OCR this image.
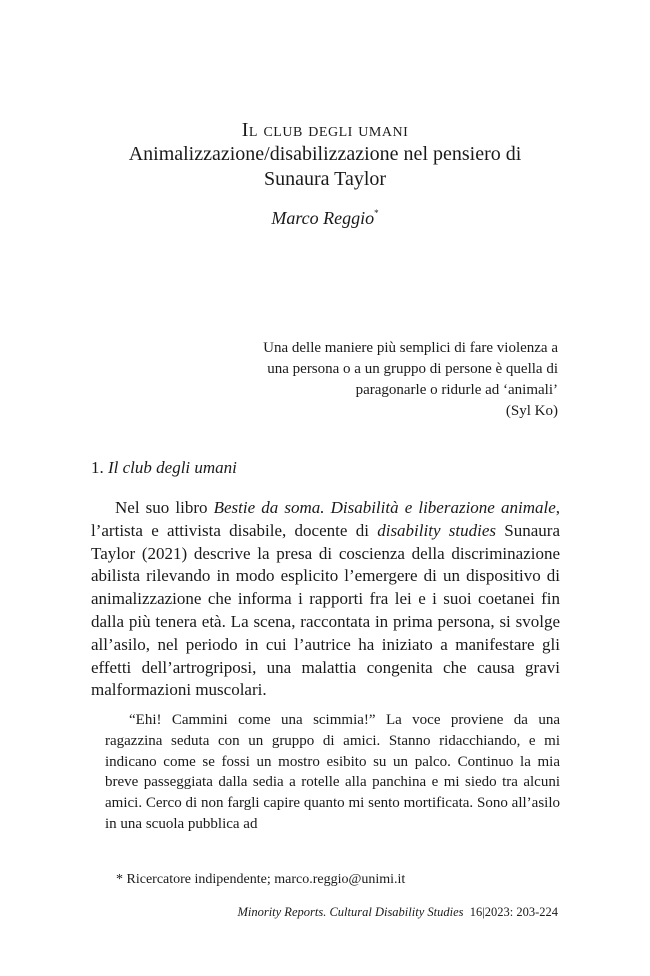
Il club degli umani
Animalizzazione/disabilizzazione nel pensiero di
Sunaura Taylor
Marco Reggio*
Una delle maniere più semplici di fare violenza a
una persona o a un gruppo di persone è quella di
paragonarle o ridurle ad ‘animali’
(Syl Ko)
1. Il club degli umani

Nel suo libro Bestie da soma. Disabilità e liberazione animale, l’artista e attivista disabile, docente di disability studies Sunaura Taylor (2021) descrive la presa di coscienza della discriminazione abilista rilevando in modo esplicito l’emergere di un dispositivo di animalizzazione che informa i rapporti fra lei e i suoi coetanei fin dalla più tenera età. La scena, raccontata in prima persona, si svolge all’asilo, nel periodo in cui l’autrice ha iniziato a manifestare gli effetti dell’artrogriposi, una malattia congenita che causa gravi malformazioni muscolari.

“Ehi! Cammini come una scimmia!” La voce proviene da una ragazzina seduta con un gruppo di amici. Stanno ridacchiando, e mi indicano come se fossi un mostro esibito su un palco. Continuo la mia breve passeggiata dalla sedia a rotelle alla panchina e mi siedo tra alcuni amici. Cerco di non fargli capire quanto mi sento mortificata. Sono all’asilo in una scuola pubblica ad

* Ricercatore indipendente; marco.reggio@unimi.it
Minority Reports. Cultural Disability Studies 16|2023: 203-224
